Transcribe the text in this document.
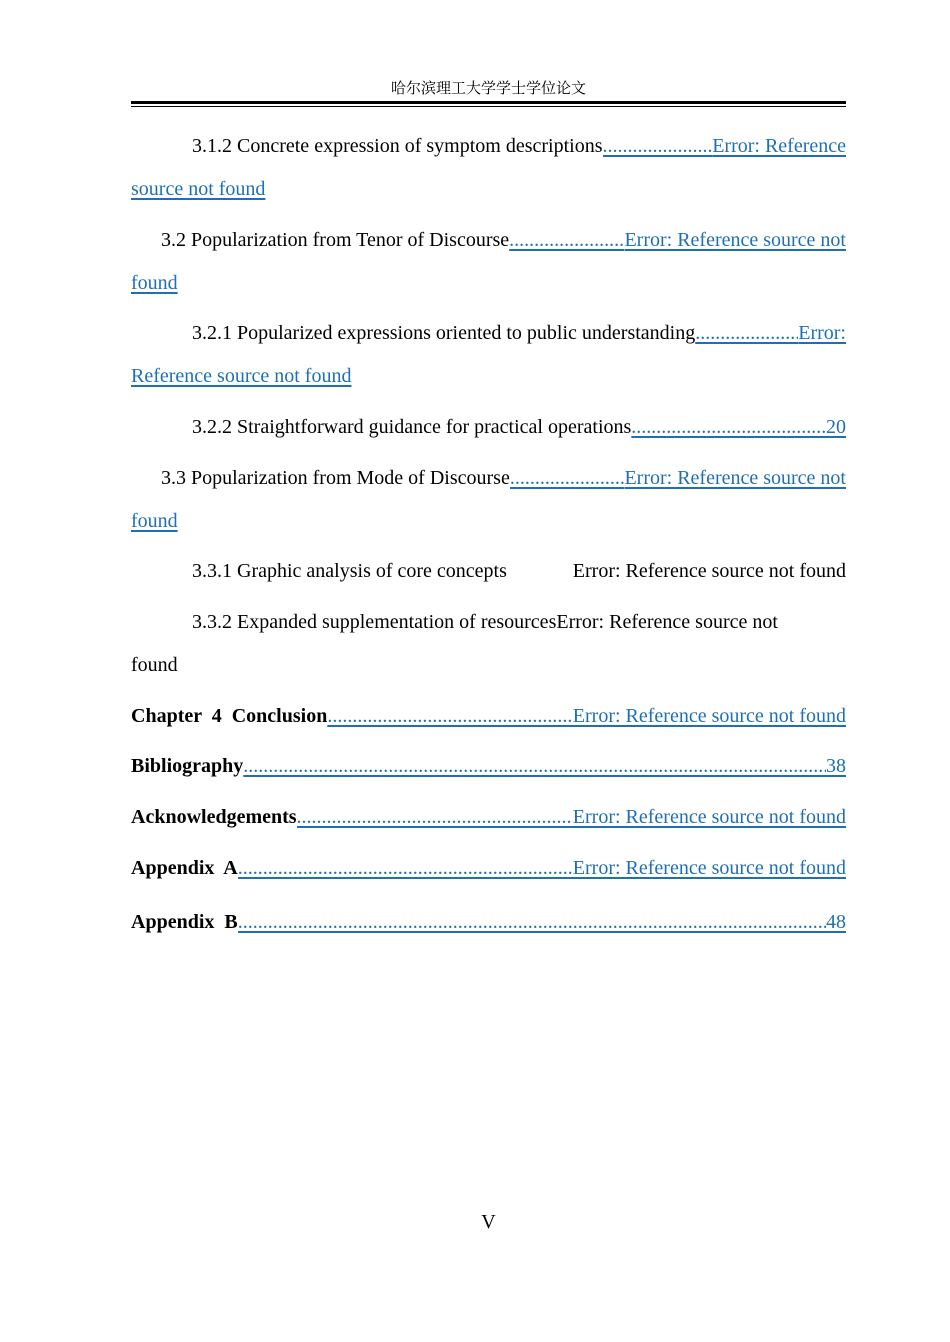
哈尔滨理工大学学士学位论文
3.1.2 Concrete expression of symptom descriptions .....	Error: Reference
source not found
3.2 Popularization from Tenor of Discourse .....	Error: Reference source not
found
3.2.1 Popularized expressions oriented to public understanding .....	Error:
Reference source not found
3.2.2 Straightforward guidance for practical operations .....	20
3.3 Popularization from Mode of Discourse .....	Error: Reference source not
found
3.3.1 Graphic analysis of core concepts	Error: Reference source not found
3.3.2 Expanded supplementation of resources Error: Reference source not
found
Chapter  4  Conclusion .....	Error: Reference source not found
Bibliography .....	38
Acknowledgements .....	Error: Reference source not found
Appendix  A .....	Error: Reference source not found
Appendix  B .....	48
V
